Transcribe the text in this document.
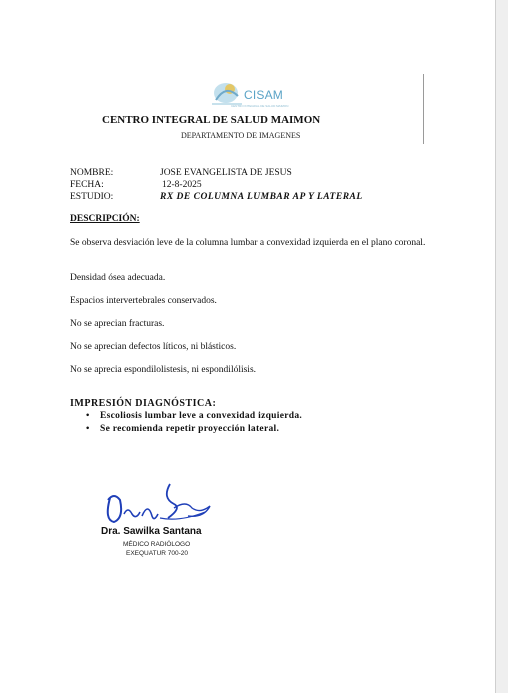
CISAM
CENTRO INTEGRAL DE SALUD MAIMON
CENTRO INTEGRAL DE SALUD MAIMON
DEPARTAMENTO DE IMAGENES
NOMBRE:	JOSE EVANGELISTA DE JESUS
FECHA:	12-8-2025
ESTUDIO:	RX DE COLUMNA LUMBAR AP Y LATERAL
DESCRIPCIÓN:
Se observa desviación leve de la columna lumbar a convexidad izquierda en el plano coronal.
Densidad ósea adecuada.
Espacios intervertebrales conservados.
No se aprecian fracturas.
No se aprecian defectos líticos, ni blásticos.
No se aprecia espondilolistesis, ni espondilólisis.
IMPRESIÓN DIAGNÓSTICA:
• Escoliosis lumbar leve a convexidad izquierda.
• Se recomienda repetir proyección lateral.
Dra. Sawilka Santana
MÉDICO RADIÓLOGO
EXEQUATUR 700-20
